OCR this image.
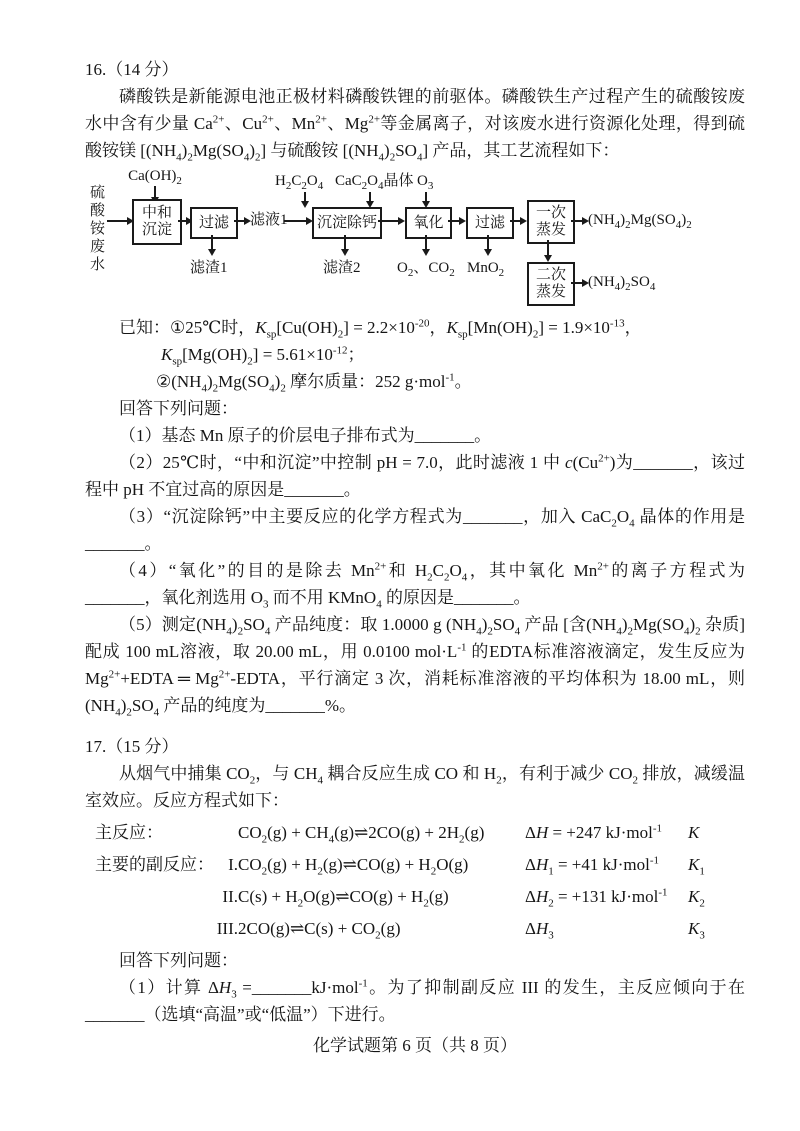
16.（14 分）

磷酸铁是新能源电池正极材料磷酸铁锂的前驱体。磷酸铁生产过程产生的硫酸铵废水中含有少量 $Ca^{2+}$、$Cu^{2+}$、$Mn^{2+}$、$Mg^{2+}$等金属离子，对该废水进行资源化处理，得到硫酸铵镁 $[(NH_4)_2Mg(SO_4)_2]$ 与硫酸铵 $[(NH_4)_2SO_4]$ 产品，其工艺流程如下：

硫酸铵废水
$Ca(OH)_2$
中和
沉淀	过滤	滤液1
$H_2C_2O_4$ $CaC_2O_4$晶体
沉淀除钙
$O_3$
氧化	过滤
一次
蒸发
$(NH_4)_2Mg(SO_4)_2$
二次
蒸发
$(NH_4)_2SO_4$
滤渣1	滤渣2 $O_2$、$CO_2$ MnO$_2$

已知：①25℃时，$K_{sp}[Cu(OH)_2] = 2.2\times 10^{-20}$，$K_{sp}[Mn(OH)_2] = 1.9\times 10^{-13}$，

$K_{sp}[Mg(OH)_2] = 5.61\times 10^{-12}$；

$②(NH_4)_2Mg(SO_4)_2$ 摩尔质量：252 g·mol$^{-1}$。

回答下列问题：

（1）基态 Mn 原子的价层电子排布式为_______。

（2）25℃时，“中和沉淀”中控制 pH = 7.0，此时滤液 1 中 $c(Cu^{2+})$为_______，该过程中 pH 不宜过高的原因是_______。

（3）“沉淀除钙”中主要反应的化学方程式为_______，加入 $CaC_2O_4$ 晶体的作用是_______。

（4）“氧化”的目的是除去 $Mn^{2+}$和 $H_2C_2O_4$，其中氧化 $Mn^{2+}$的离子方程式为_______，氧化剂选用 $O_3$ 而不用 KMnO$_4$ 的原因是_______。

（5）测定$(NH_4)_2SO_4$ 产品纯度：取 1.0000 g $(NH_4)_2SO_4$ 产品 [含$(NH_4)_2Mg(SO_4)_2$ 杂质] 配成 100 mL溶液，取 20.00 mL，用 0.0100 $mol\cdot L^{-1}$ 的EDTA标准溶液滴定，发生反应为 $Mg^{2+}+EDTA$ ═ $Mg^{2+}$-EDTA，平行滴定 3 次，消耗标准溶液的平均体积为 18.00 mL，则$(NH_4)_2SO_4$ 产品的纯度为_______%。

17.（15 分）

从烟气中捕集 $CO_2$，与 $CH_4$ 耦合反应生成 CO 和 $H_2$，有利于减少 $CO_2$ 排放，减缓温室效应。反应方程式如下：

主反应：	$CO_2(g)$ + $CH_4(g)\rightleftharpoons 2CO(g) + 2H_2(g)$	ΔH = +247 kJ·mol$^{-1}$	K
主要的副反应： I. $CO_2(g)$ + $H_2(g)\rightleftharpoons CO(g) + H_2O(g)$	$\Delta H_1 = +41$ kJ·mol$^{-1}$	$K_1$
II. $C(s) + H_2O(g)\rightleftharpoons CO(g) + H_2(g)$	$\Delta H_2 = +131$ kJ·mol$^{-1}$	$K_2$
III. 2CO(g)⇌C(s) + $CO_2(g)$	$\Delta H_3$	$K_3$

回答下列问题：

（1）计算 $\Delta H_3$ =_______kJ·mol$^{-1}$。为了抑制副反应 III 的发生，主反应倾向于在_______（选填“高温”或“低温”）下进行。

化学试题第 6 页（共 8 页）
